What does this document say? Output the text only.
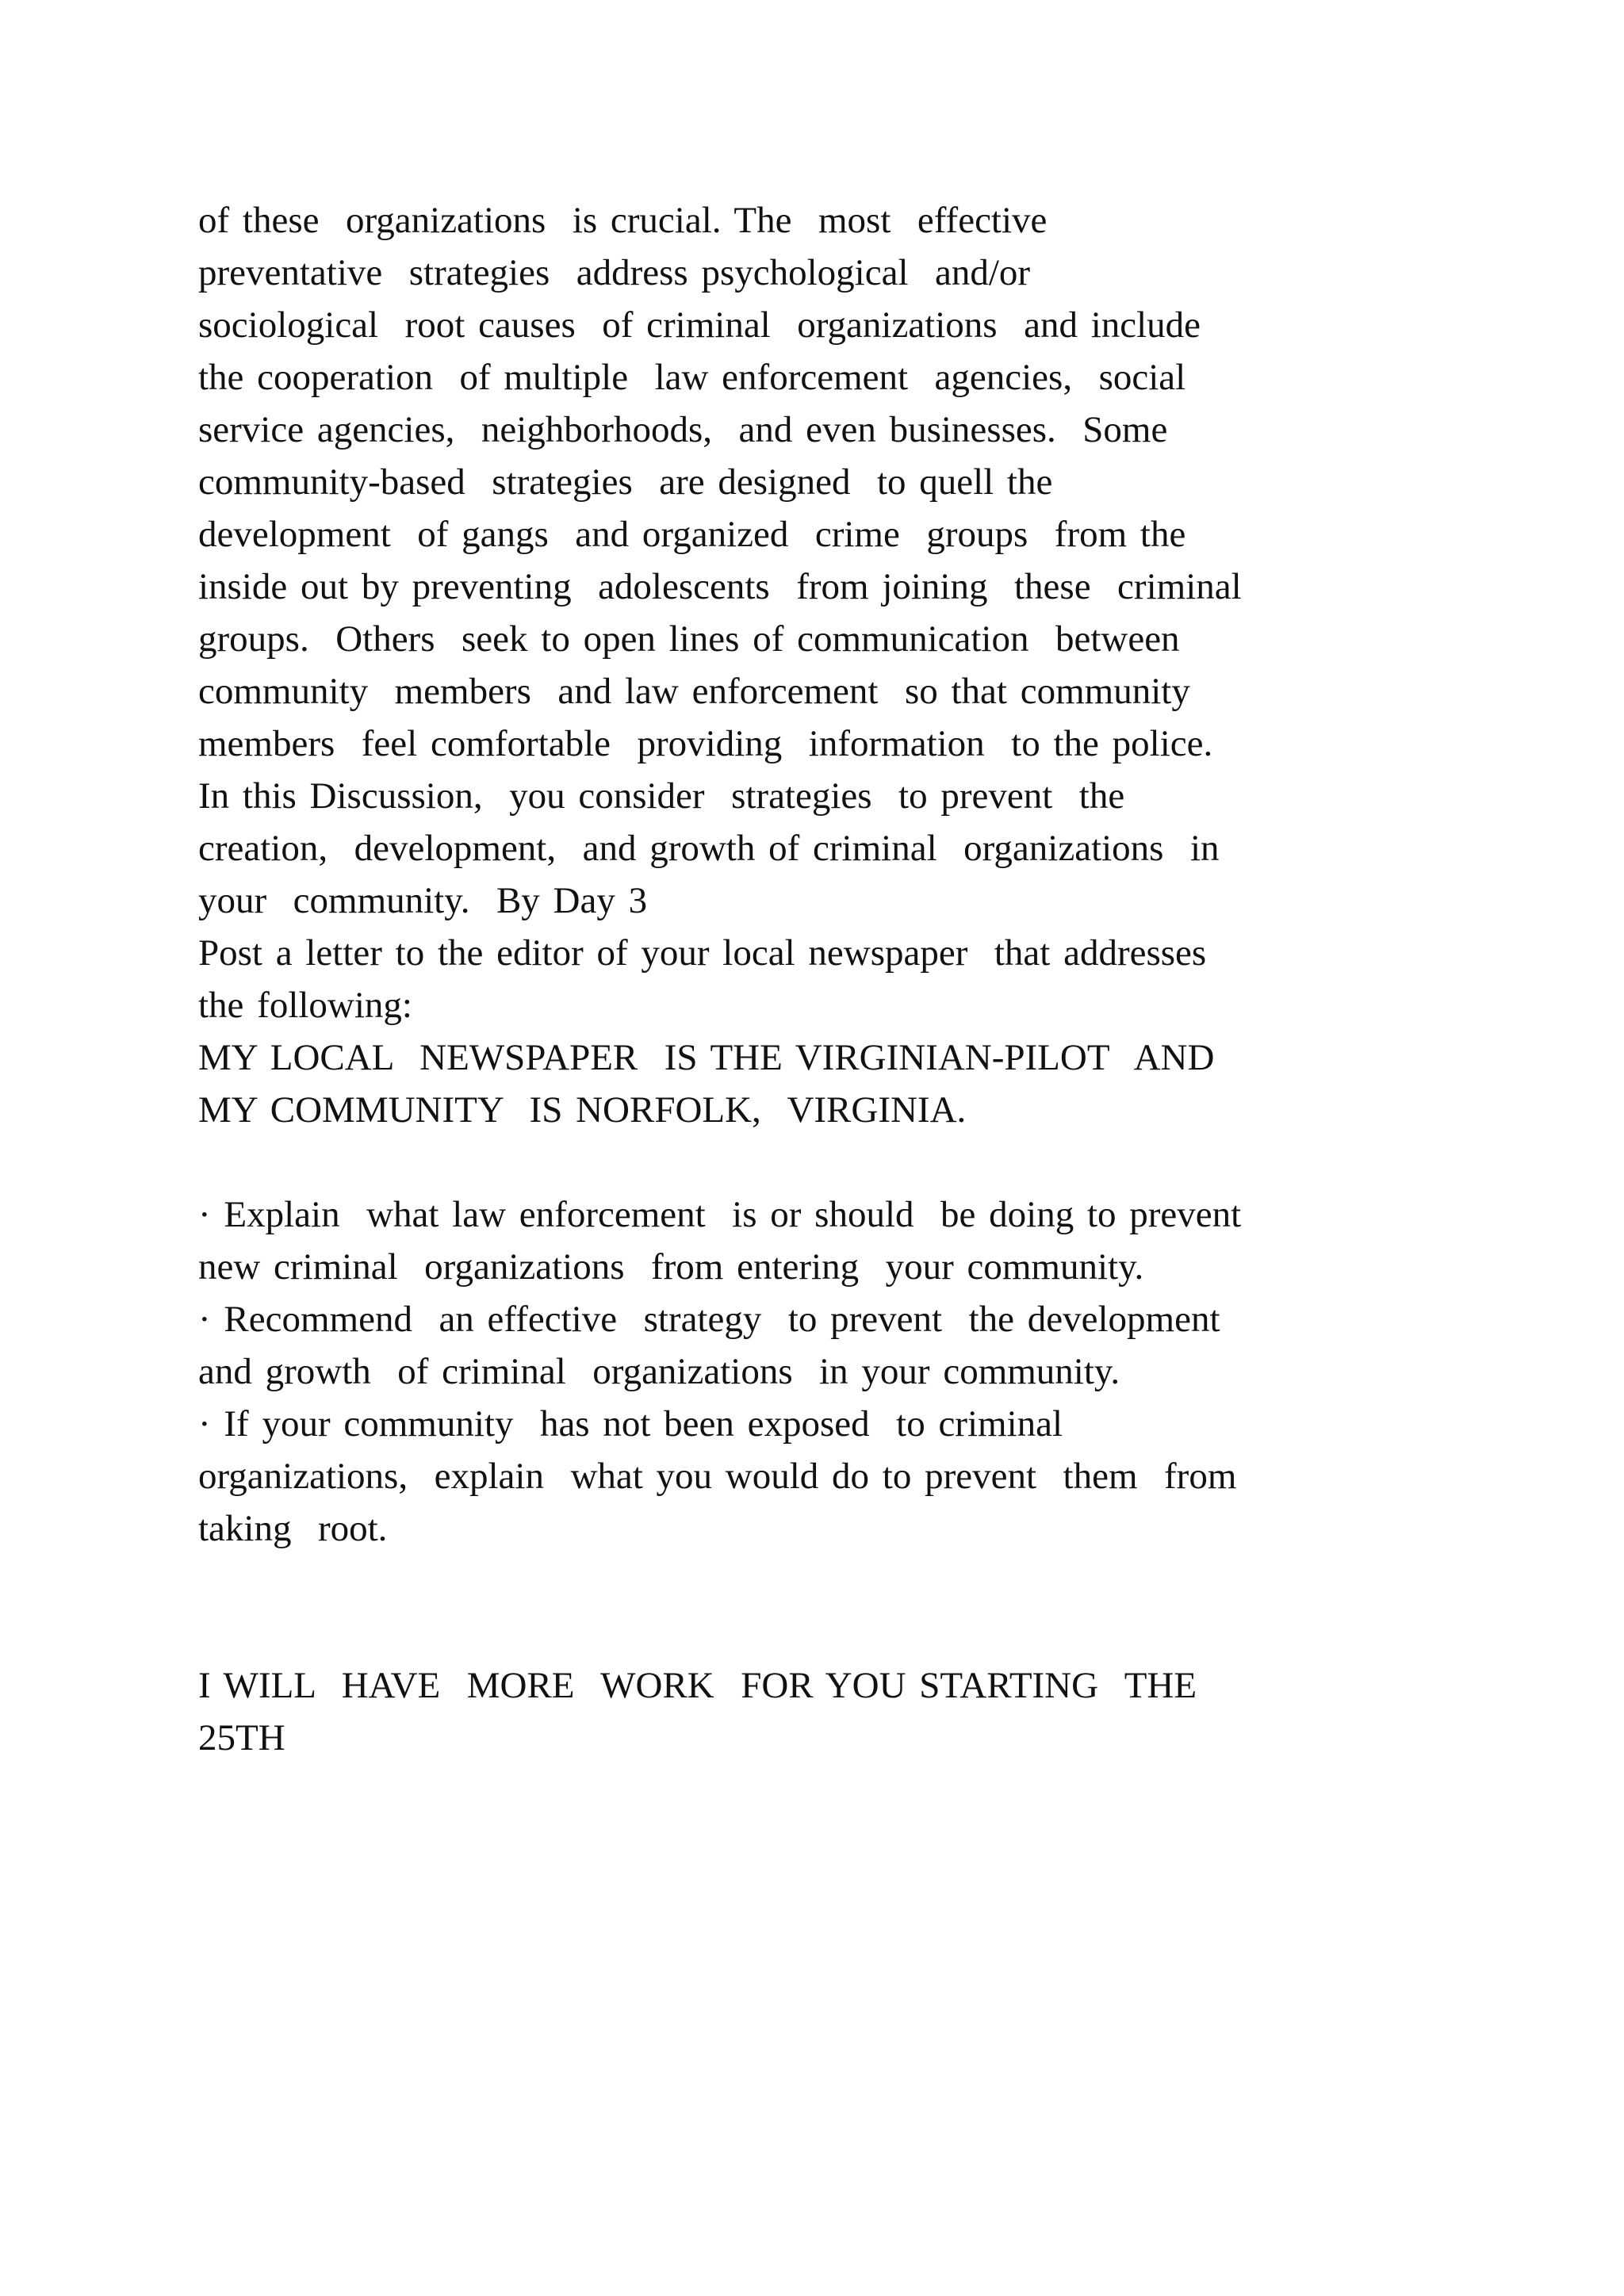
of these  organizations  is crucial. The  most  effective
preventative  strategies  address psychological  and/or
sociological  root causes  of criminal  organizations  and include
the cooperation  of multiple  law enforcement  agencies,  social
service agencies,  neighborhoods,  and even businesses.  Some
community-based  strategies  are designed  to quell the
development  of gangs  and organized  crime  groups  from the
inside out by preventing  adolescents  from joining  these  criminal
groups.  Others  seek to open lines of communication  between
community  members  and law enforcement  so that community
members  feel comfortable  providing  information  to the police.
In this Discussion,  you consider  strategies  to prevent  the
creation,  development,  and growth of criminal  organizations  in
your  community.  By Day 3
Post a letter to the editor of your local newspaper  that addresses
the following:
MY LOCAL  NEWSPAPER  IS THE VIRGINIAN-PILOT  AND
MY COMMUNITY  IS NORFOLK,  VIRGINIA.
· Explain  what law enforcement  is or should  be doing to prevent
new criminal  organizations  from entering  your community.
· Recommend  an effective  strategy  to prevent  the development
and growth  of criminal  organizations  in your community.
· If your community  has not been exposed  to criminal
organizations,  explain  what you would do to prevent  them  from
taking  root.
I WILL  HAVE  MORE  WORK  FOR YOU STARTING  THE
25TH
